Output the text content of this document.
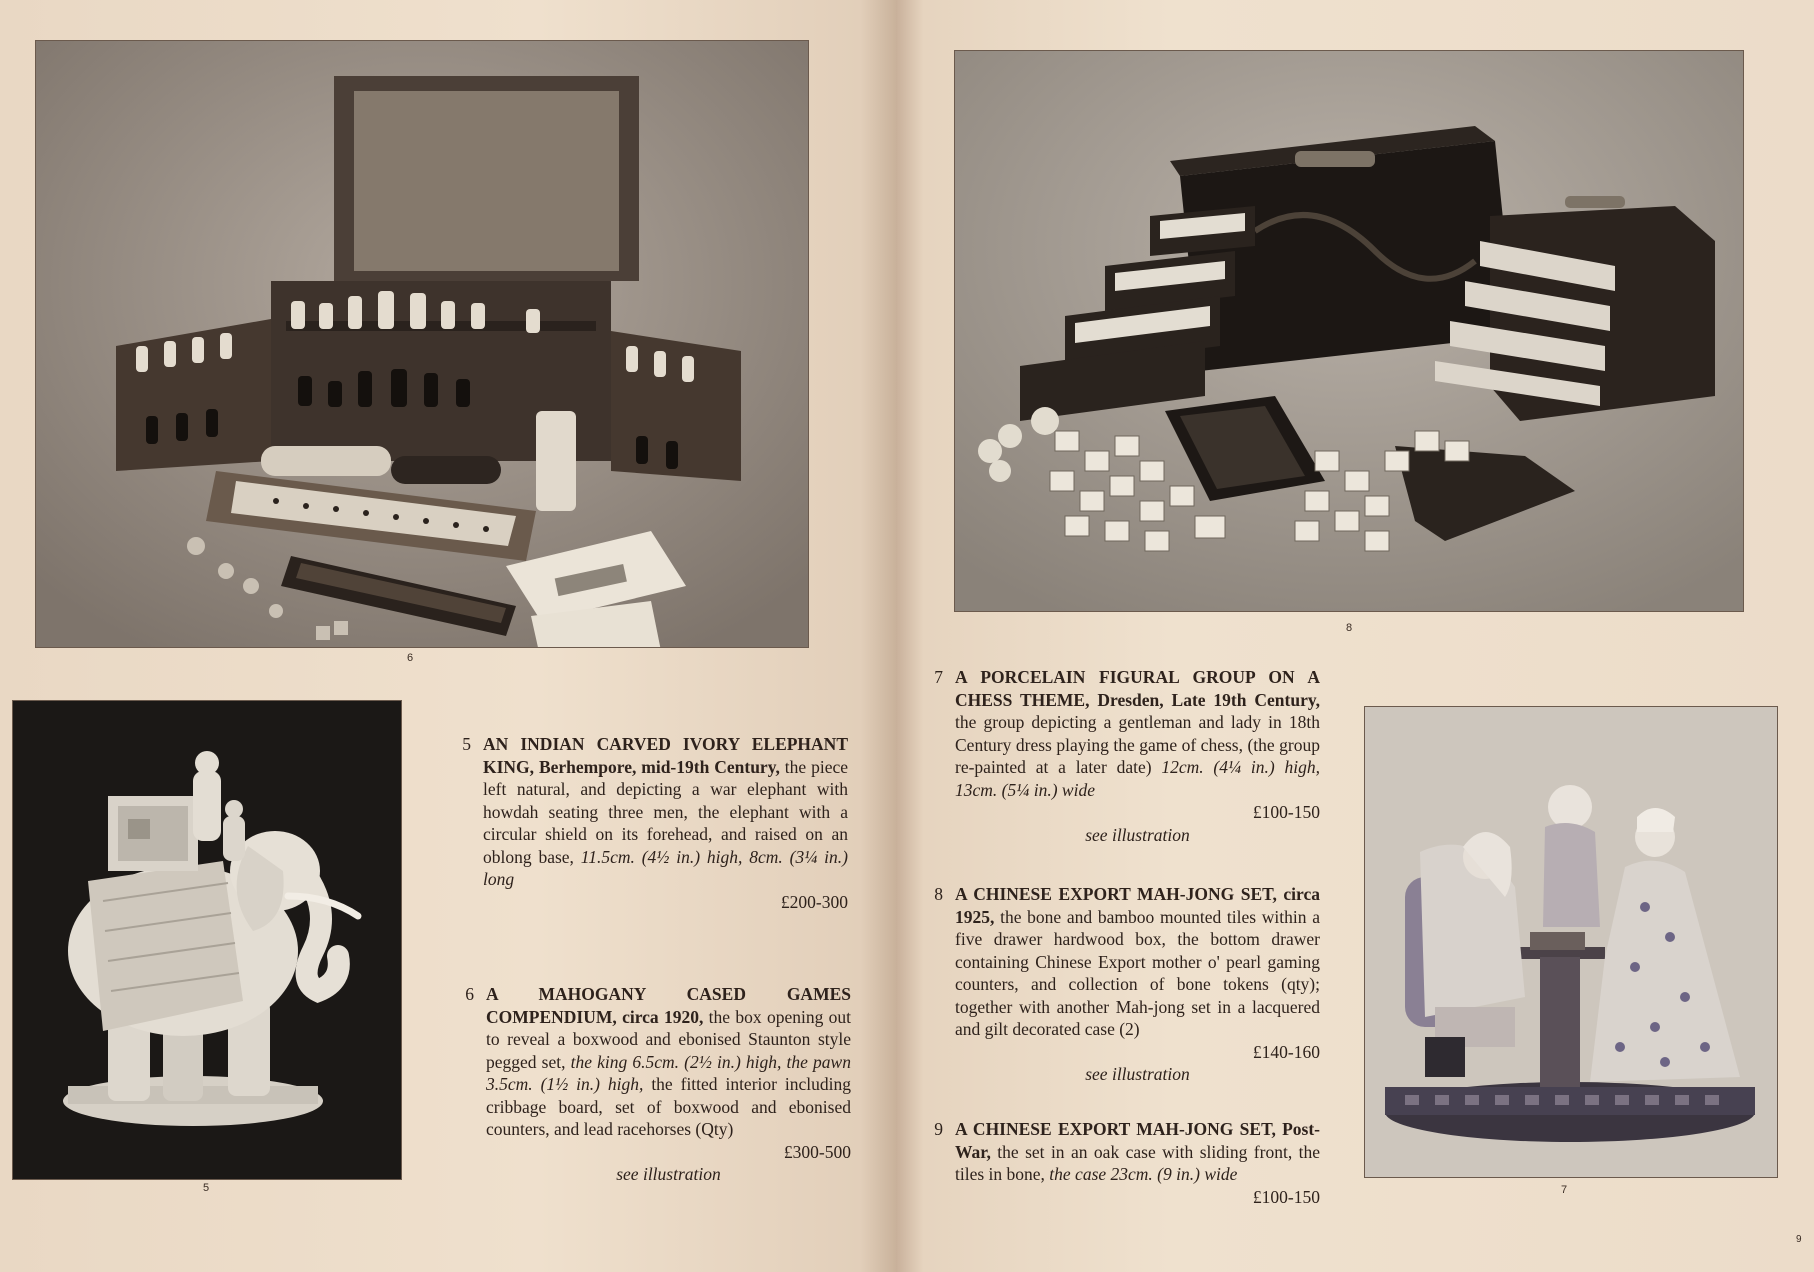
6
5
5 AN INDIAN CARVED IVORY ELEPHANT KING, Berhempore, mid-19th Century, the piece left natural, and depicting a war elephant with howdah seating three men, the elephant with a circular shield on its forehead, and raised on an oblong base, 11.5cm. (4½ in.) high, 8cm. (3¼ in.) long
£200-300
6 A MAHOGANY CASED GAMES COMPENDIUM, circa 1920, the box opening out to reveal a boxwood and ebonised Staunton style pegged set, the king 6.5cm. (2½ in.) high, the pawn 3.5cm. (1½ in.) high, the fitted interior including cribbage board, set of boxwood and ebonised counters, and lead racehorses (Qty)
£300-500
see illustration
8
7
7 A PORCELAIN FIGURAL GROUP ON A CHESS THEME, Dresden, Late 19th Century, the group depicting a gentleman and lady in 18th Century dress playing the game of chess, (the group re-painted at a later date) 12cm. (4¼ in.) high, 13cm. (5¼ in.) wide
£100-150
see illustration
8 A CHINESE EXPORT MAH-JONG SET, circa 1925, the bone and bamboo mounted tiles within a five drawer hardwood box, the bottom drawer containing Chinese Export mother o' pearl gaming counters, and collection of bone tokens (qty); together with another Mah-jong set in a lacquered and gilt decorated case (2)
£140-160
see illustration
9 A CHINESE EXPORT MAH-JONG SET, Post-War, the set in an oak case with sliding front, the tiles in bone, the case 23cm. (9 in.) wide
£100-150
9
